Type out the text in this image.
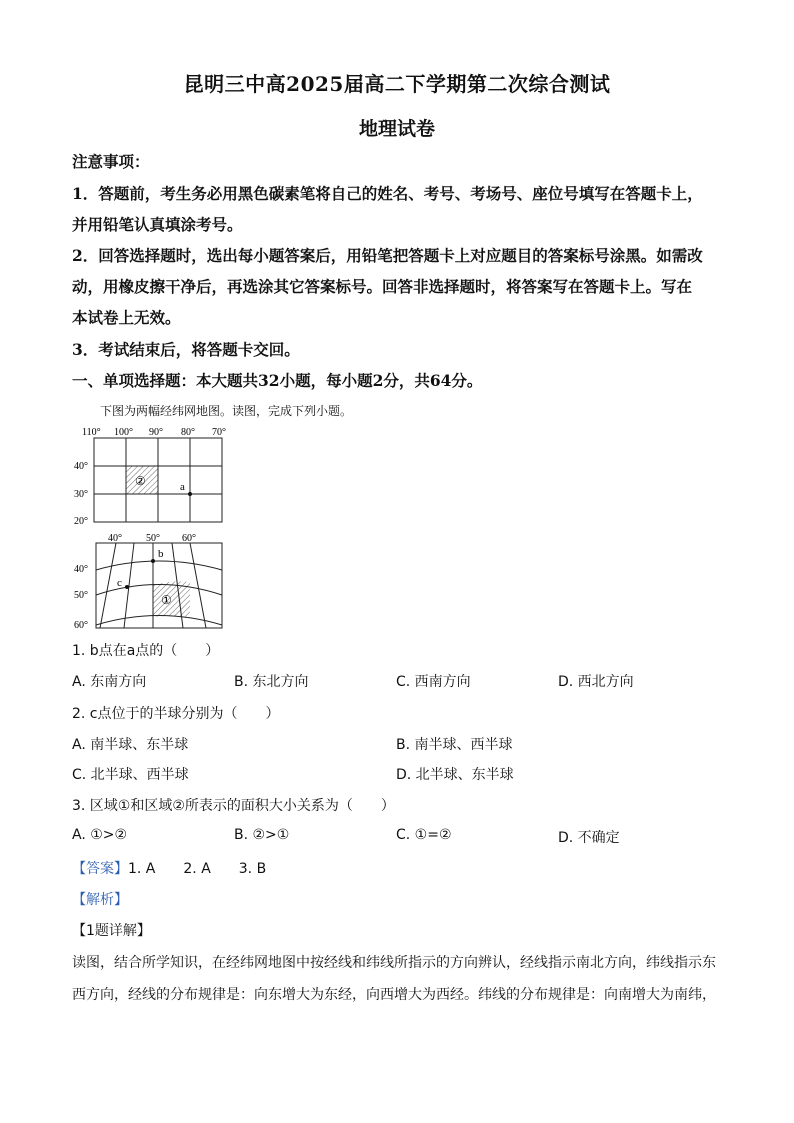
昆明三中高2025届高二下学期第二次综合测试
地理试卷
注意事项：
1．答题前，考生务必用黑色碳素笔将自己的姓名、考号、考场号、座位号填写在答题卡上，
并用铅笔认真填涂考号。
2．回答选择题时，选出每小题答案后，用铅笔把答题卡上对应题目的答案标号涂黑。如需改
动，用橡皮擦干净后，再选涂其它答案标号。回答非选择题时，将答案写在答题卡上。写在
本试卷上无效。
3．考试结束后，将答题卡交回。
一、单项选择题：本大题共32小题，每小题2分，共64分。
下图为两幅经纬网地图。读图，完成下列小题。
a
②
110° 100° 90° 80° 70°
40°
30°
20°
b
c
①
40° 50° 60°
40°
50°
60°
1. b点在a点的（　　）
A. 东南方向	B. 东北方向	C. 西南方向	D. 西北方向
2. c点位于的半球分别为（　　）
A. 南半球、东半球	B. 南半球、西半球
C. 北半球、西半球	D. 北半球、东半球
3. 区域①和区域②所表示的面积大小关系为（　　）
A. ①>②	B. ②>①	C. ①=②	D. 不确定
【答案】1. A　　2. A　　3. B
【解析】
【1题详解】
读图，结合所学知识，在经纬网地图中按经线和纬线所指示的方向辨认，经线指示南北方向，纬线指示东
西方向，经线的分布规律是：向东增大为东经，向西增大为西经。纬线的分布规律是：向南增大为南纬，
